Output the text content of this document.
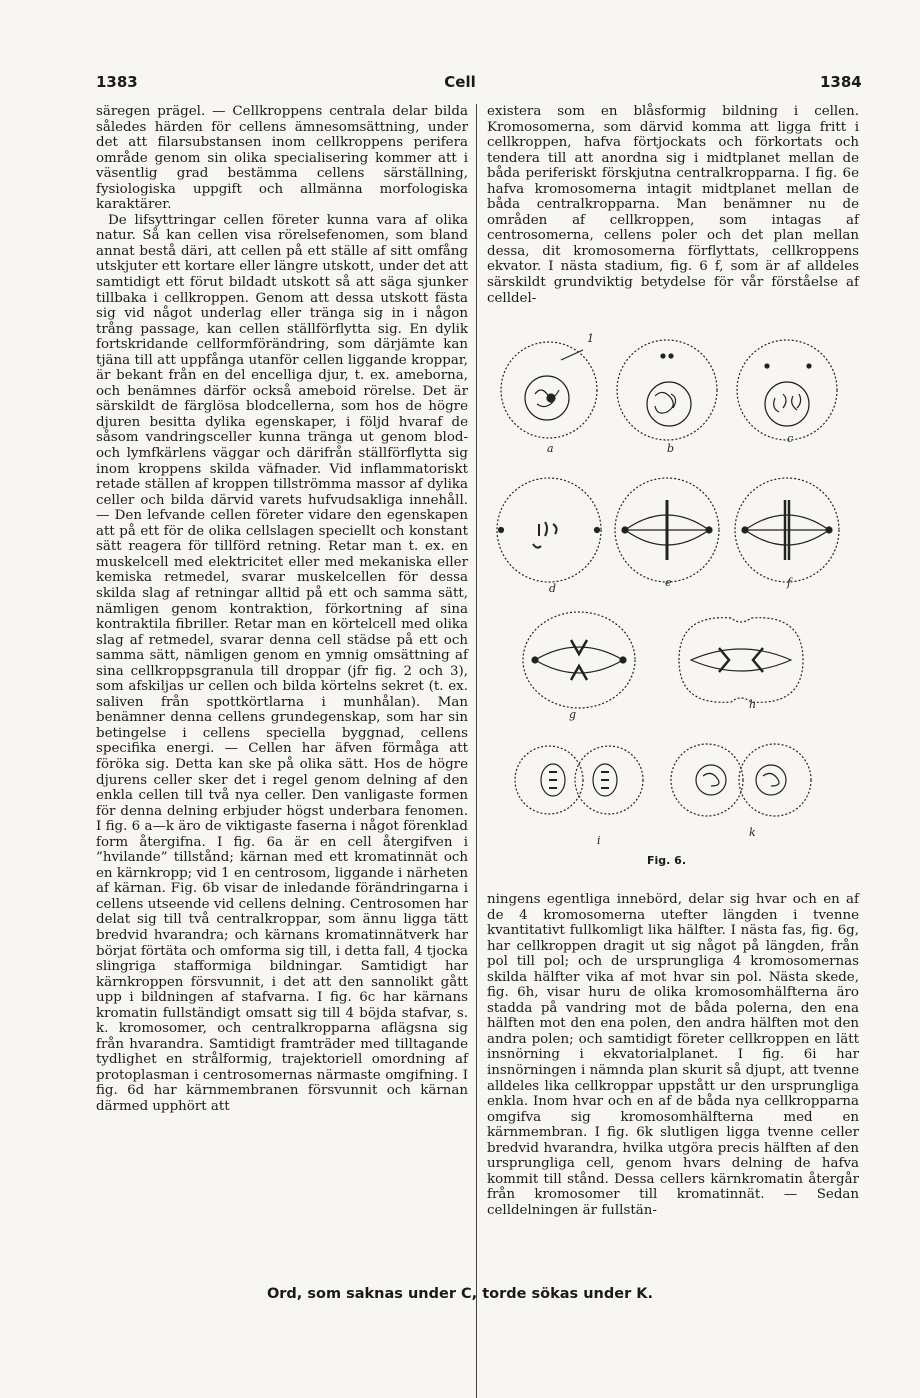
1383	Cell	1384

säregen prägel. — Cellkroppens centrala delar bilda således härden för cellens ämnesomsättning, under det att filarsubstansen inom cellkroppens perifera område genom sin olika specialisering kommer att i väsentlig grad bestämma cellens särställning, fysiologiska uppgift och allmänna morfologiska karaktärer.

De lifsyttringar cellen företer kunna vara af olika natur. Så kan cellen visa rörelsefenomen, som bland annat bestå däri, att cellen på ett ställe af sitt omfång utskjuter ett kortare eller längre utskott, under det att samtidigt ett förut bildadt utskott så att säga sjunker tillbaka i cellkroppen. Genom att dessa utskott fästa sig vid något underlag eller tränga sig in i någon trång passage, kan cellen ställförflytta sig. En dylik fortskridande cellformförändring, som därjämte kan tjäna till att uppfånga utanför cellen liggande kroppar, är bekant från en del encelliga djur, t. ex. ameborna, och benämnes därför också ameboid rörelse. Det är särskildt de färglösa blodcellerna, som hos de högre djuren besitta dylika egenskaper, i följd hvaraf de såsom vandringsceller kunna tränga ut genom blod- och lymfkärlens väggar och därifrån ställförflytta sig inom kroppens skilda väfnader. Vid inflammatoriskt retade ställen af kroppen tillströmma massor af dylika celler och bilda därvid varets hufvudsakliga innehåll. — Den lefvande cellen företer vidare den egenskapen att på ett för de olika cellslagen speciellt och konstant sätt reagera för tillförd retning. Retar man t. ex. en muskelcell med elektricitet eller med mekaniska eller kemiska retmedel, svarar muskelcellen för dessa skilda slag af retningar alltid på ett och samma sätt, nämligen genom kontraktion, förkortning af sina kontraktila fibriller. Retar man en körtelcell med olika slag af retmedel, svarar denna cell städse på ett och samma sätt, nämligen genom en ymnig omsättning af sina cellkroppsgranula till droppar (jfr fig. 2 och 3), som afskiljas ur cellen och bilda körtelns sekret (t. ex. saliven från spottkörtlarna i munhålan). Man benämner denna cellens grundegenskap, som har sin betingelse i cellens speciella byggnad, cellens specifika energi. — Cellen har äfven förmåga att föröka sig. Detta kan ske på olika sätt. Hos de högre djurens celler sker det i regel genom delning af den enkla cellen till två nya celler. Den vanligaste formen för denna delning erbjuder högst underbara fenomen. I fig. 6 a—k äro de viktigaste faserna i något förenklad form återgifna. I fig. 6a är en cell återgifven i ”hvilande” tillstånd; kärnan med ett kromatinnät och en kärnkropp; vid 1 en centrosom, liggande i närheten af kärnan. Fig. 6b visar de inledande förändringarna i cellens utseende vid cellens delning. Centrosomen har delat sig till två centralkroppar, som ännu ligga tätt bredvid hvarandra; och kärnans kromatinnätverk har börjat förtäta och omforma sig till, i detta fall, 4 tjocka slingriga stafformiga bildningar. Samtidigt har kärnkroppen försvunnit, i det att den sannolikt gått upp i bildningen af stafvarna. I fig. 6c har kärnans kromatin fullständigt omsatt sig till 4 böjda stafvar, s. k. kromosomer, och centralkropparna aflägsna sig från hvarandra. Samtidigt framträder med tilltagande tydlighet en strålformig, trajektoriell omordning af protoplasman i centrosomernas närmaste omgifning. I fig. 6d har kärnmembranen försvunnit och kärnan därmed upphört att

existera som en blåsformig bildning i cellen. Kromosomerna, som därvid komma att ligga fritt i cellkroppen, hafva förtjockats och förkortats och tendera till att anordna sig i midtplanet mellan de båda periferiskt förskjutna centralkropparna. I fig. 6e hafva kromosomerna intagit midtplanet mellan de båda centralkropparna. Man benämner nu de områden af cellkroppen, som intagas af centrosomerna, cellens poler och det plan mellan dessa, dit kromosomerna förflyttats, cellkroppens ekvator. I nästa stadium, fig. 6 f, som är af alldeles särskildt grundviktig betydelse för vår förståelse af celldel-

1
a	b
c
d	e	f
g
h
i
k
Fig. 6.

ningens egentliga innebörd, delar sig hvar och en af de 4 kromosomerna utefter längden i tvenne kvantitativt fullkomligt lika hälfter. I nästa fas, fig. 6g, har cellkroppen dragit ut sig något på längden, från pol till pol; och de ursprungliga 4 kromosomernas skilda hälfter vika af mot hvar sin pol. Nästa skede, fig. 6h, visar huru de olika kromosomhälfterna äro stadda på vandring mot de båda polerna, den ena hälften mot den ena polen, den andra hälften mot den andra polen; och samtidigt företer cellkroppen en lätt insnörning i ekvatorialplanet. I fig. 6i har insnörningen i nämnda plan skurit så djupt, att tvenne alldeles lika cellkroppar uppstått ur den ursprungliga enkla. Inom hvar och en af de båda nya cellkropparna omgifva sig kromosomhälfterna med en kärnmembran. I fig. 6k slutligen ligga tvenne celler bredvid hvarandra, hvilka utgöra precis hälften af den ursprungliga cell, genom hvars delning de hafva kommit till stånd. Dessa cellers kärnkromatin återgår från kromosomer till kromatinnät. — Sedan celldelningen är fullstän-

Ord, som saknas under C, torde sökas under K.
